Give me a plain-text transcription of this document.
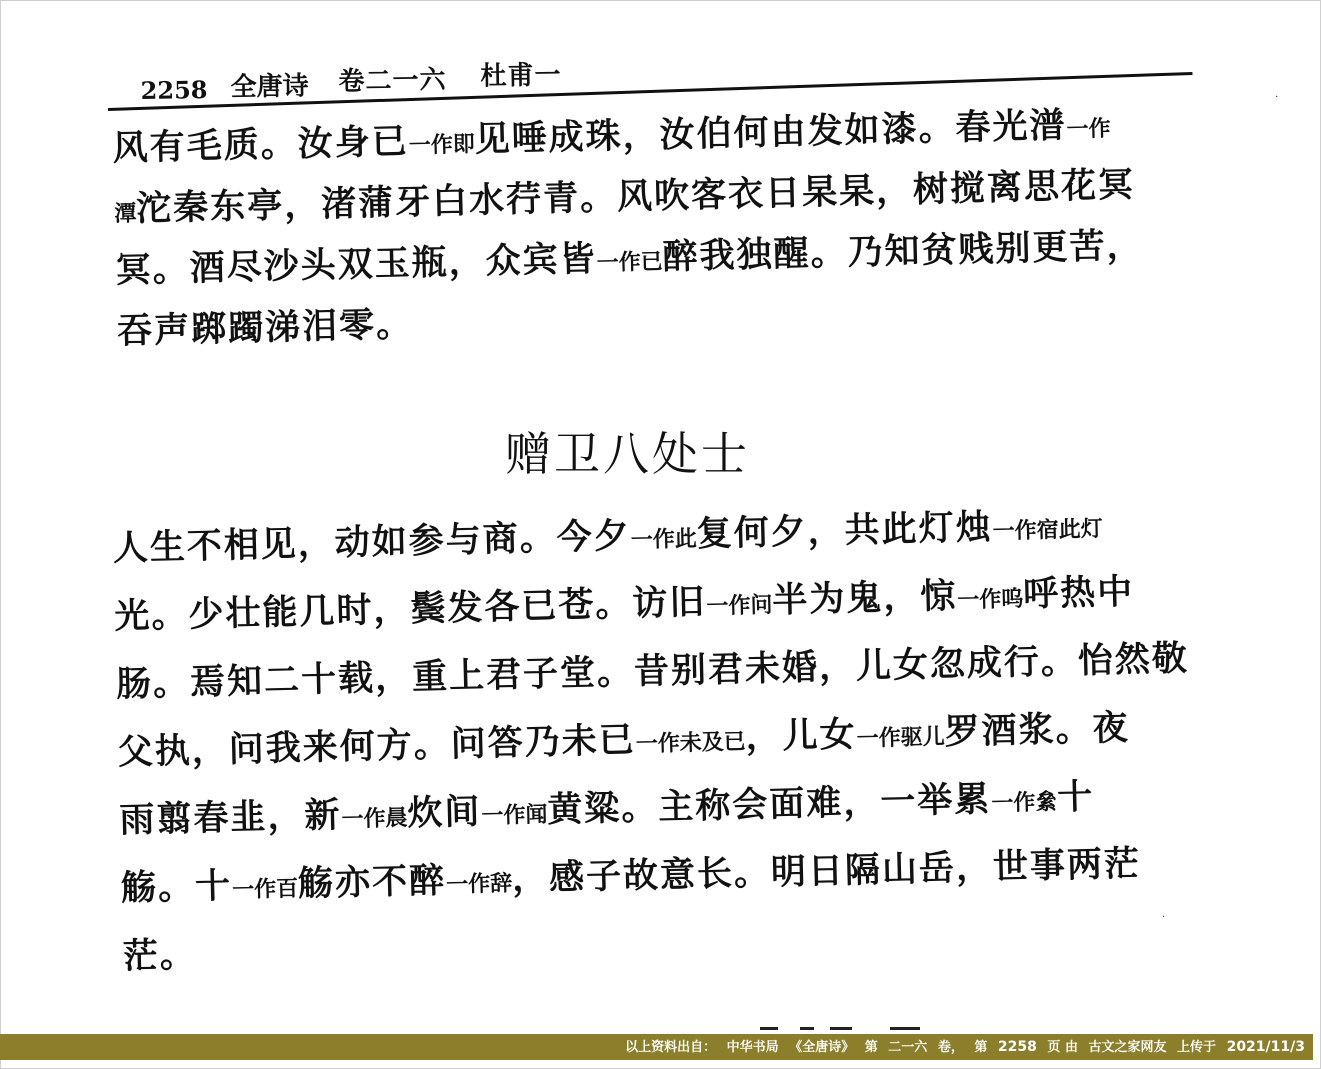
2258 全唐诗 卷二一六 杜甫一
风有毛质。汝身已一作即见唾成珠，汝伯何由发如漆。春光潽一作
潭沱秦东亭，渚蒲牙白水荇青。风吹客衣日杲杲，树搅离思花冥
冥。酒尽沙头双玉瓶，众宾皆一作已醉我独醒。乃知贫贱别更苦，
吞声踯躅涕泪零。
赠卫八处士
人生不相见，动如参与商。今夕一作此复何夕，共此灯烛一作宿此灯
光。少壮能几时，鬓发各已苍。访旧一作问半为鬼，惊一作呜呼热中
肠。焉知二十载，重上君子堂。昔别君未婚，儿女忽成行。怡然敬
父执，问我来何方。问答乃未已一作未及已，儿女一作驱儿罗酒浆。夜
雨翦春韭，新一作晨炊间一作闻黄粱。主称会面难，一举累一作絫十
觞。十一作百觞亦不醉一作辞，感子故意长。明日隔山岳，世事两茫
茫。
·
·
以上资料出自： 中华书局 《全唐诗》 第 二一六 卷， 第 2258 页 由 古文之家网友 上传于 2021/11/3
